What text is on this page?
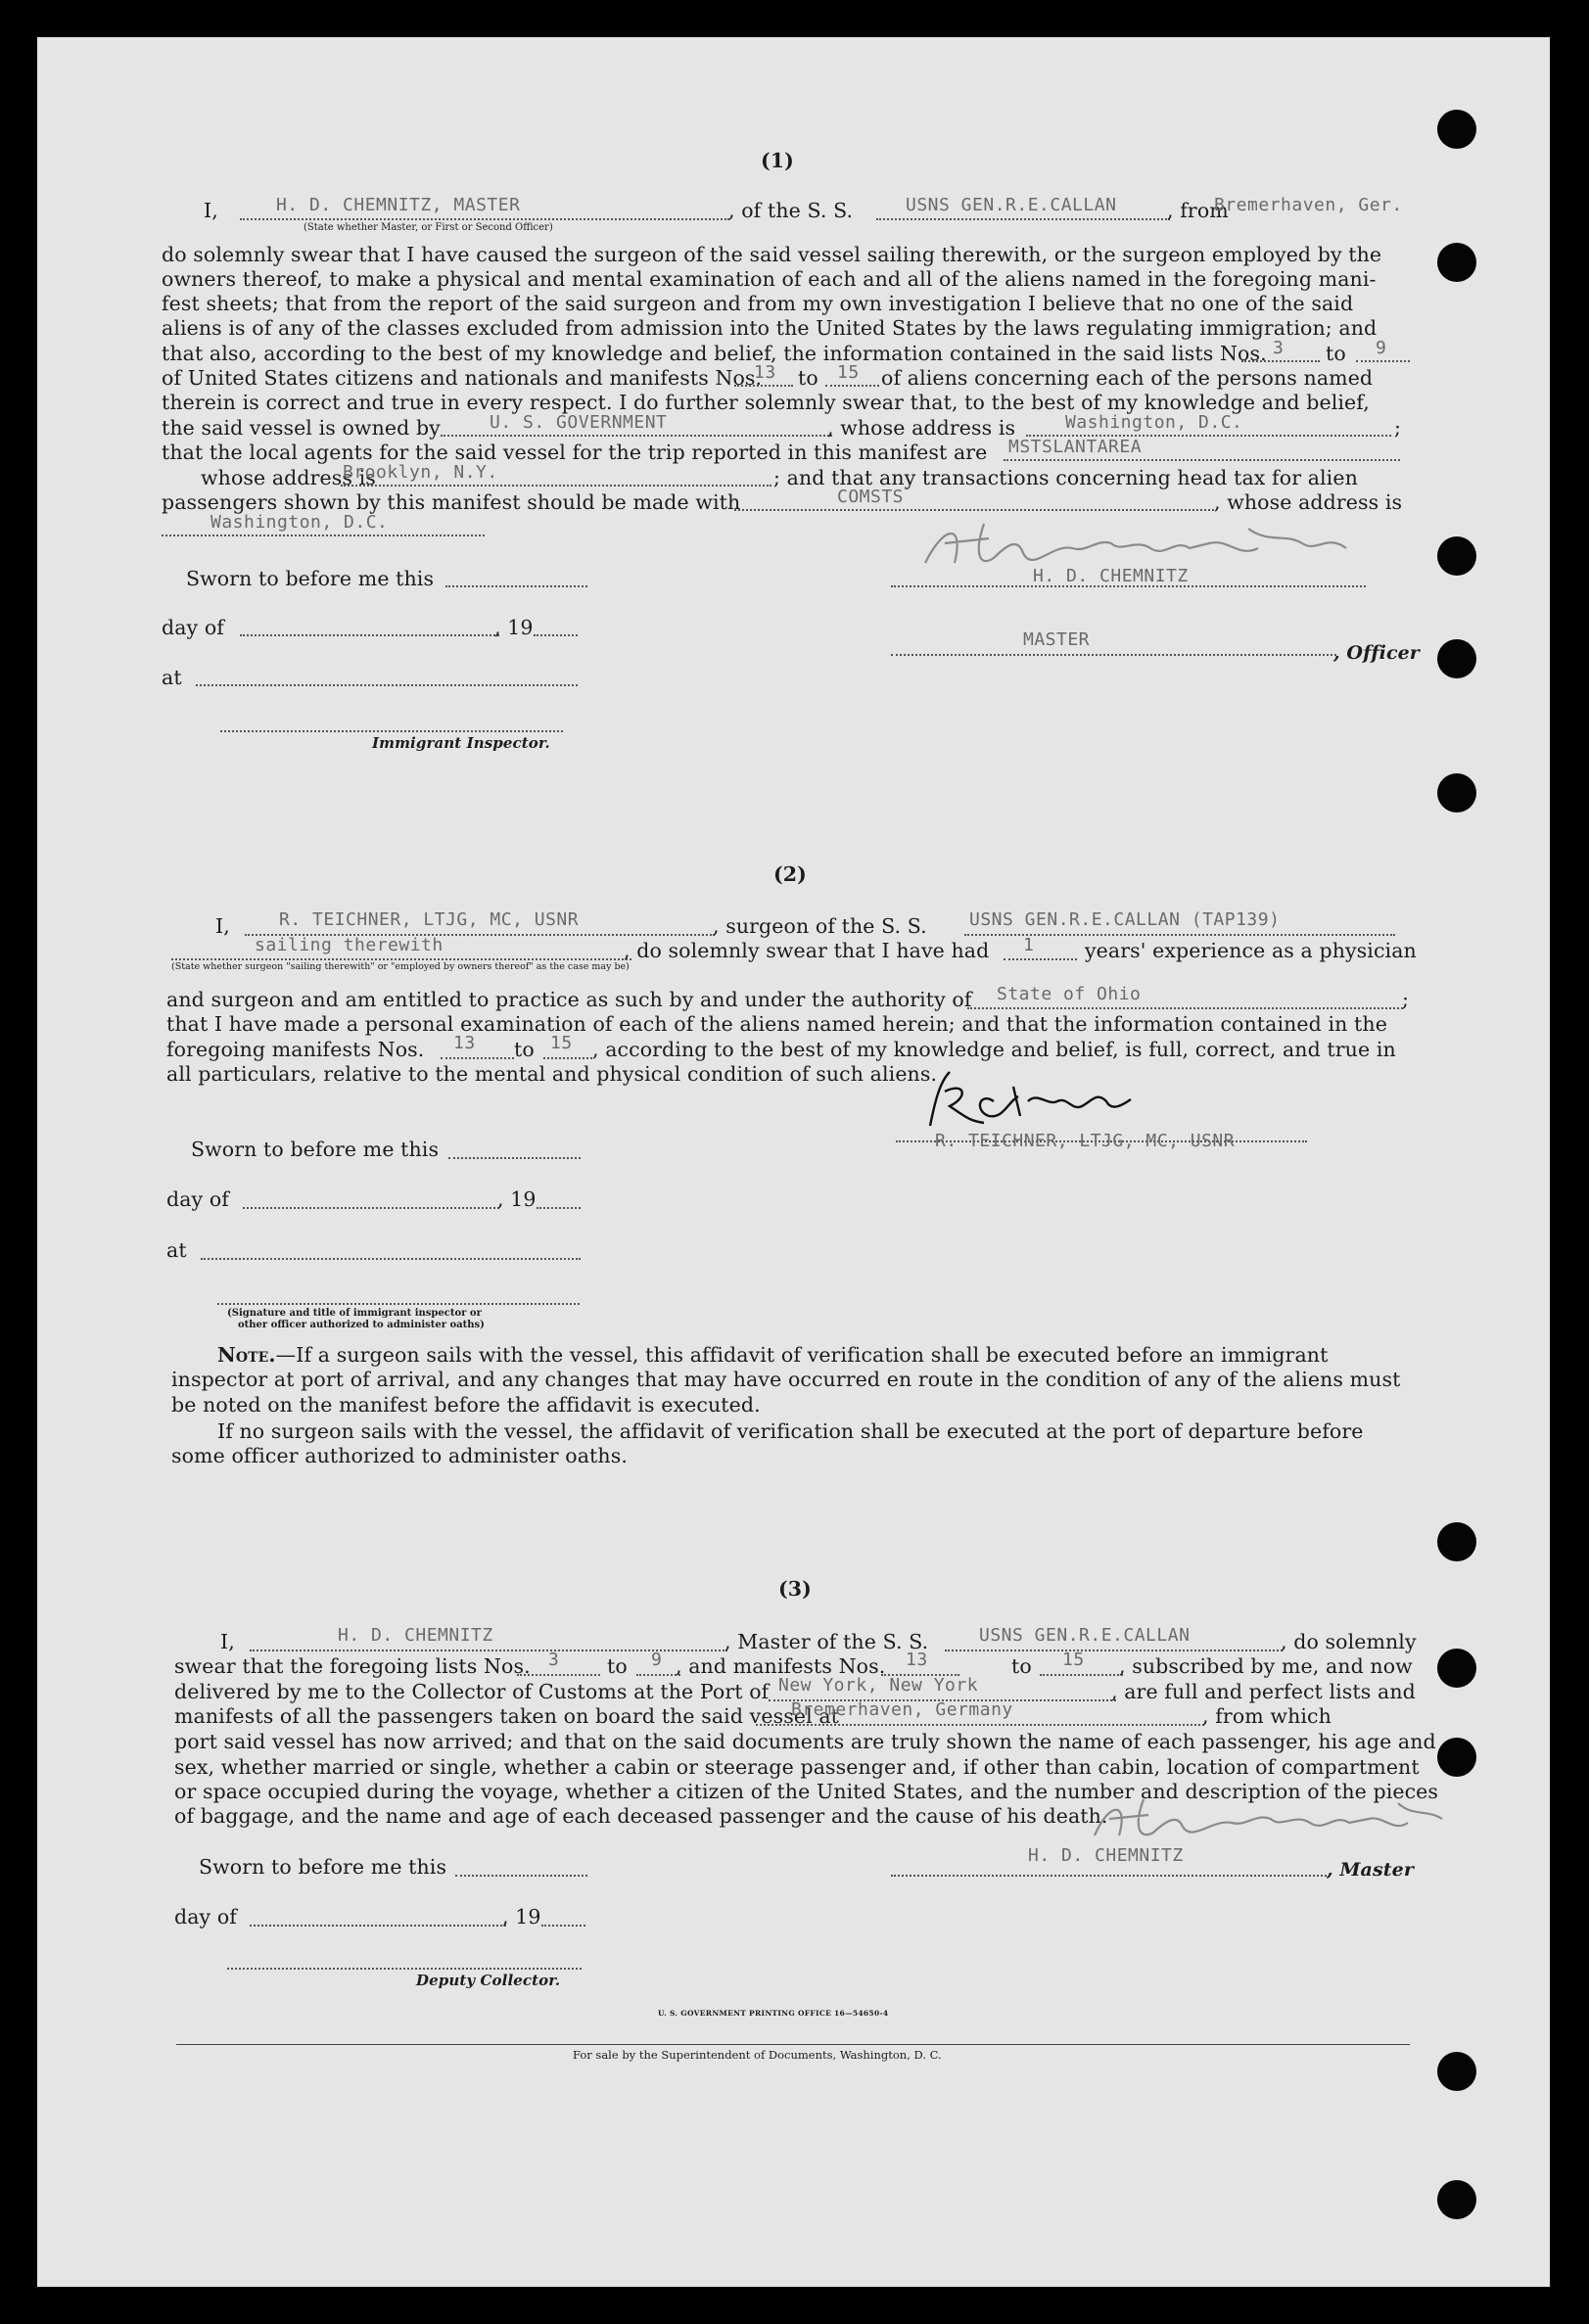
(1)
I,	H. D. CHEMNITZ, MASTER	, of the S. S.	USNS GEN.R.E.CALLAN	, from
Bremerhaven, Ger.
(State whether Master, or First or Second Officer)
do solemnly swear that I have caused the surgeon of the said vessel sailing therewith, or the surgeon employed by the
owners thereof, to make a physical and mental examination of each and all of the aliens named in the foregoing mani-
fest sheets; that from the report of the said surgeon and from my own investigation I believe that no one of the said
aliens is of any of the classes excluded from admission into the United States by the laws regulating immigration; and
that also, according to the best of my knowledge and belief, the information contained in the said lists Nos. 3 to 9
of United States citizens and nationals and manifests Nos.
13 to 15 of aliens concerning each of the persons named
therein is correct and true in every respect. I do further solemnly swear that, to the best of my knowledge and belief,
the said vessel is owned by	U. S. GOVERNMENT	, whose address is	Washington, D.C.	;
that the local agents for the said vessel for the trip reported in this manifest are MSTSLANTAREA
whose address is
Brooklyn, N.Y.	; and that any transactions concerning head tax for alien
passengers shown by this manifest should be made with	COMSTS	, whose address is
Washington, D.C.
Sworn to before me this	H. D. CHEMNITZ
day of	, 19
MASTER
, Officer
at
Immigrant Inspector.
(2)
I,	R. TEICHNER, LTJG, MC, USNR	, surgeon of the S. S. USNS GEN.R.E.CALLAN (TAP139)
sailing therewith	, do solemnly swear that I have had 1	years' experience as a physician
(State whether surgeon "sailing therewith" or "employed by owners thereof" as the case may be)
and surgeon and am entitled to practice as such by and under the authority of State of Ohio	;
that I have made a personal examination of each of the aliens named herein; and that the information contained in the
foregoing manifests Nos. 13 to 15 , according to the best of my knowledge and belief, is full, correct, and true in
all particulars, relative to the mental and physical condition of such aliens.
Sworn to before me this	R. TEICHNER, LTJG, MC, USNR
day of	, 19
at
(Signature and title of immigrant inspector or
other officer authorized to administer oaths)
Note.—If a surgeon sails with the vessel, this affidavit of verification shall be executed before an immigrant
inspector at port of arrival, and any changes that may have occurred en route in the condition of any of the aliens must
be noted on the manifest before the affidavit is executed.
If no surgeon sails with the vessel, the affidavit of verification shall be executed at the port of departure before
some officer authorized to administer oaths.
(3)
I,	H. D. CHEMNITZ	, Master of the S. S.	USNS GEN.R.E.CALLAN	, do solemnly
swear that the foregoing lists Nos. 3 to 9 , and manifests Nos. 13	to 15 , subscribed by me, and now
delivered by me to the Collector of Customs at the Port of New York, New York	, are full and perfect lists and
manifests of all the passengers taken on board the said vessel at
Bremerhaven, Germany	, from which
port said vessel has now arrived; and that on the said documents are truly shown the name of each passenger, his age and
sex, whether married or single, whether a cabin or steerage passenger and, if other than cabin, location of compartment
or space occupied during the voyage, whether a citizen of the United States, and the number and description of the pieces
of baggage, and the name and age of each deceased passenger and the cause of his death.
Sworn to before me this	H. D. CHEMNITZ
, Master
day of	, 19
Deputy Collector.
U. S. GOVERNMENT PRINTING OFFICE 16—54650-4
For sale by the Superintendent of Documents, Washington, D. C.
